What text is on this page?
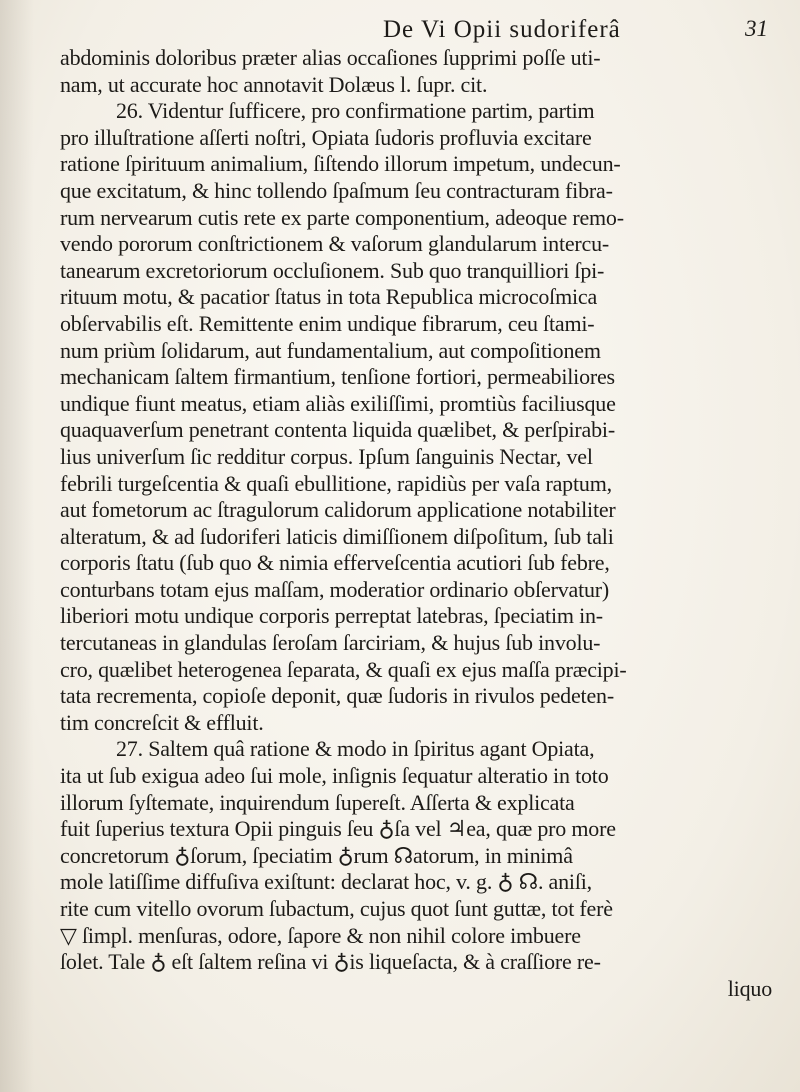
De Vi Opii sudoriferâ	31
abdominis doloribus præter alias occaſiones ſupprimi poſſe uti-
nam, ut accurate hoc annotavit Dolæus l. ſupr. cit.
26. Videntur ſufficere, pro confirmatione partim, partim
pro illuſtratione aſſerti noſtri, Opiata ſudoris profluvia excitare
ratione ſpirituum animalium, ſiſtendo illorum impetum, undecun-
que excitatum, & hinc tollendo ſpaſmum ſeu contracturam fibra-
rum nervearum cutis rete ex parte componentium, adeoque remo-
vendo pororum conſtrictionem & vaſorum glandularum intercu-
tanearum excretoriorum occluſionem. Sub quo tranquilliori ſpi-
rituum motu, & pacatior ſtatus in tota Republica microcoſmica
obſervabilis eſt. Remittente enim undique fibrarum, ceu ſtami-
num priùm ſolidarum, aut fundamentalium, aut compoſitionem
mechanicam ſaltem firmantium, tenſione fortiori, permeabiliores
undique fiunt meatus, etiam aliàs exiliſſimi, promtiùs faciliusque
quaquaverſum penetrant contenta liquida quælibet, & perſpirabi-
lius univerſum ſic redditur corpus. Ipſum ſanguinis Nectar, vel
febrili turgeſcentia & quaſi ebullitione, rapidiùs per vaſa raptum,
aut fometorum ac ſtragulorum calidorum applicatione notabiliter
alteratum, & ad ſudoriferi laticis dimiſſionem diſpoſitum, ſub tali
corporis ſtatu (ſub quo & nimia efferveſcentia acutiori ſub febre,
conturbans totam ejus maſſam, moderatior ordinario obſervatur)
liberiori motu undique corporis perreptat latebras, ſpeciatim in-
tercutaneas in glandulas ſeroſam ſarciriam, & hujus ſub involu-
cro, quælibet heterogenea ſeparata, & quaſi ex ejus maſſa præcipi-
tata recrementa, copioſe deponit, quæ ſudoris in rivulos pedeten-
tim concreſcit & effluit.
27. Saltem quâ ratione & modo in ſpiritus agant Opiata,
ita ut ſub exigua adeo ſui mole, inſignis ſequatur alteratio in toto
illorum ſyſtemate, inquirendum ſupereſt. Aſſerta & explicata
fuit ſuperius textura Opii pinguis ſeu ♁ſa vel ♃ea, quæ pro more
concretorum ♁ſorum, ſpeciatim ♁rum ☊atorum, in minimâ
mole latiſſime diffuſiva exiſtunt: declarat hoc, v. g. ♁ ☊. aniſi,
rite cum vitello ovorum ſubactum, cujus quot ſunt guttæ, tot ferè
▽ ſimpl. menſuras, odore, ſapore & non nihil colore imbuere
ſolet. Tale ♁ eſt ſaltem reſina vi ♁is liqueſacta, & à craſſiore re-
liquo
